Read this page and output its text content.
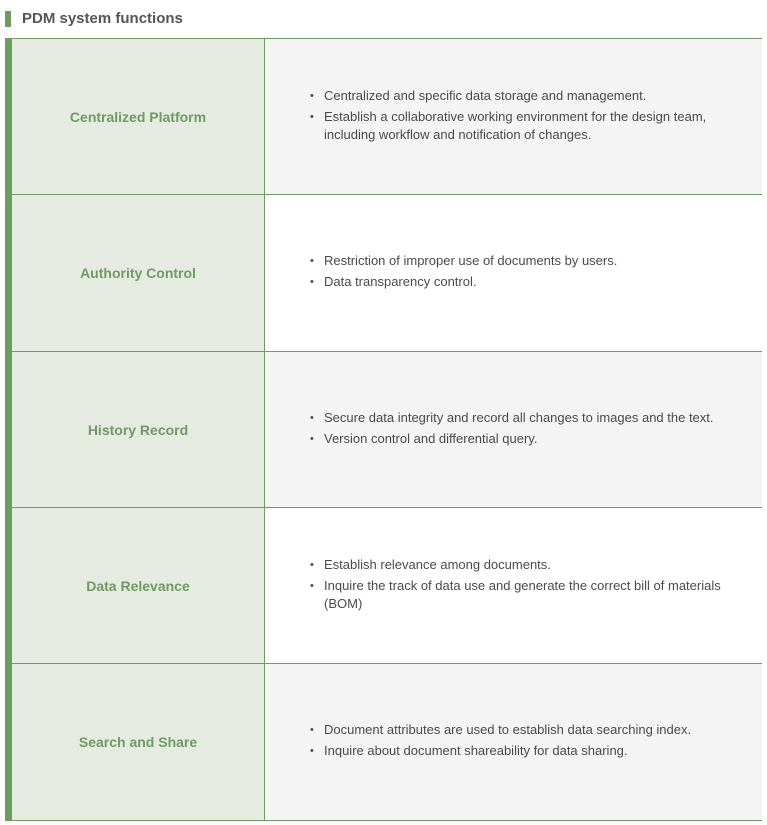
PDM system functions
Centralized Platform
• Centralized and specific data storage and management.
• Establish a collaborative working environment for the design team, including workflow and notification of changes.
Authority Control
• Restriction of improper use of documents by users.
• Data transparency control.
History Record
• Secure data integrity and record all changes to images and the text.
• Version control and differential query.
Data Relevance
• Establish relevance among documents.
• Inquire the track of data use and generate the correct bill of materials (BOM)
Search and Share
• Document attributes are used to establish data searching index.
• Inquire about document shareability for data sharing.
